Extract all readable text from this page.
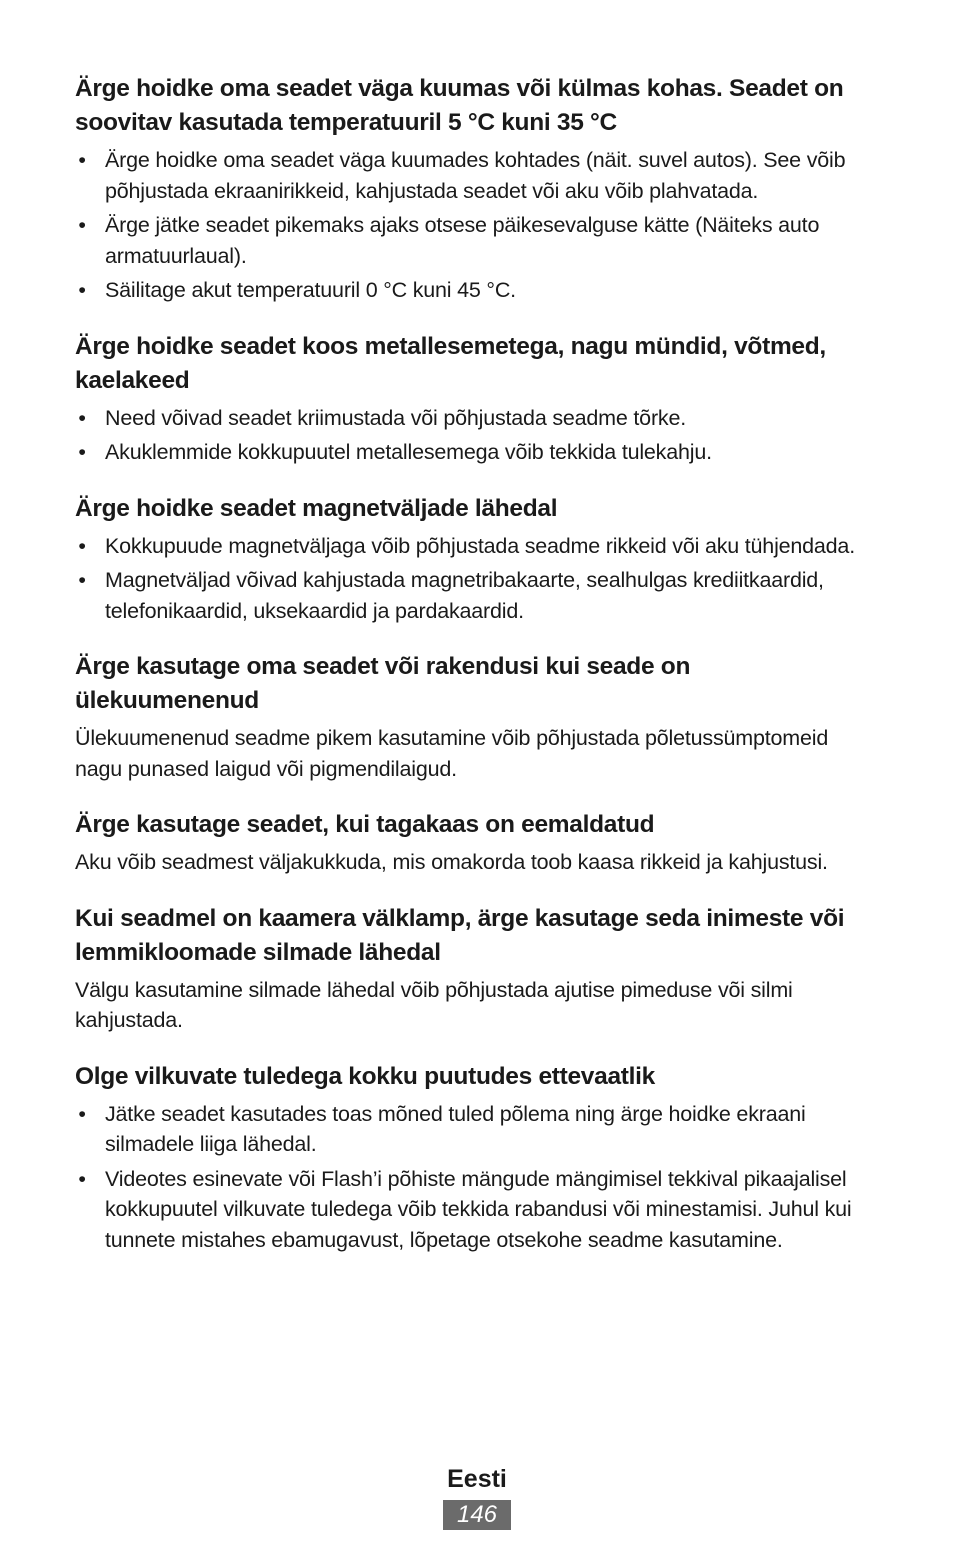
Ärge hoidke oma seadet väga kuumas või külmas kohas. Seadet on soovitav kasutada temperatuuril 5 °C kuni 35 °C
• Ärge hoidke oma seadet väga kuumades kohtades (näit. suvel autos). See võib põhjustada ekraanirikkeid, kahjustada seadet või aku võib plahvatada.
• Ärge jätke seadet pikemaks ajaks otsese päikesevalguse kätte (Näiteks auto armatuurlaual).
• Säilitage akut temperatuuril 0 °C kuni 45 °C.
Ärge hoidke seadet koos metallesemetega, nagu mündid, võtmed, kaelakeed
• Need võivad seadet kriimustada või põhjustada seadme tõrke.
• Akuklemmide kokkupuutel metallesemega võib tekkida tulekahju.
Ärge hoidke seadet magnetväljade lähedal
• Kokkupuude magnetväljaga võib põhjustada seadme rikkeid või aku tühjendada.
• Magnetväljad võivad kahjustada magnetribakaarte, sealhulgas krediitkaardid, telefonikaardid, uksekaardid ja pardakaardid.
Ärge kasutage oma seadet või rakendusi kui seade on ülekuumenenud

Ülekuumenenud seadme pikem kasutamine võib põhjustada põletussümptomeid nagu punased laigud või pigmendilaigud.

Ärge kasutage seadet, kui tagakaas on eemaldatud

Aku võib seadmest väljakukkuda, mis omakorda toob kaasa rikkeid ja kahjustusi.

Kui seadmel on kaamera välklamp, ärge kasutage seda inimeste või lemmikloomade silmade lähedal

Välgu kasutamine silmade lähedal võib põhjustada ajutise pimeduse või silmi kahjustada.

Olge vilkuvate tuledega kokku puutudes ettevaatlik
• Jätke seadet kasutades toas mõned tuled põlema ning ärge hoidke ekraani silmadele liiga lähedal.
• Videotes esinevate või Flash’i põhiste mängude mängimisel tekkival pikaajalisel kokkupuutel vilkuvate tuledega võib tekkida rabandusi või minestamisi. Juhul kui tunnete mistahes ebamugavust, lõpetage otsekohe seadme kasutamine.
Eesti
146
